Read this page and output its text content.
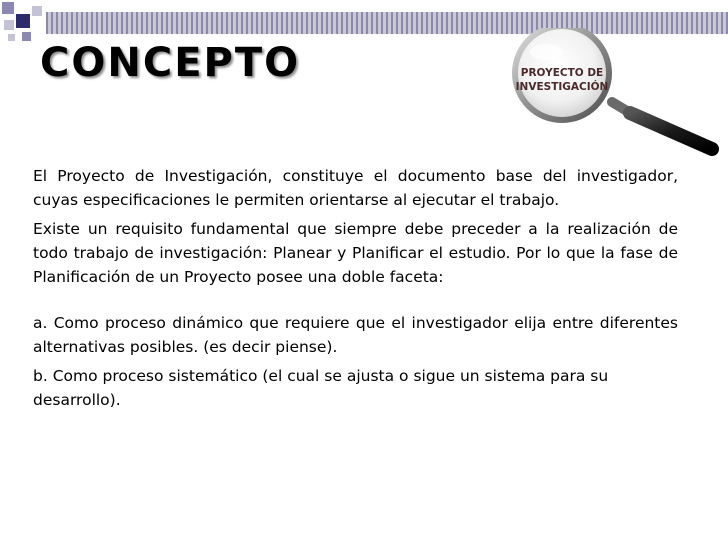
CONCEPTO	PROYECTO DE
INVESTIGACIÓN

El Proyecto de Investigación, constituye el documento base del investigador, cuyas especificaciones le permiten orientarse al ejecutar el trabajo.

Existe un requisito fundamental que siempre debe preceder a la realización de todo trabajo de investigación: Planear y Planificar el estudio. Por lo que la fase de Planificación de un Proyecto posee una doble faceta:

a. Como proceso dinámico que requiere que el investigador elija entre diferentes alternativas posibles. (es decir piense).

b. Como proceso sistemático (el cual se ajusta o sigue un sistema para su desarrollo).
